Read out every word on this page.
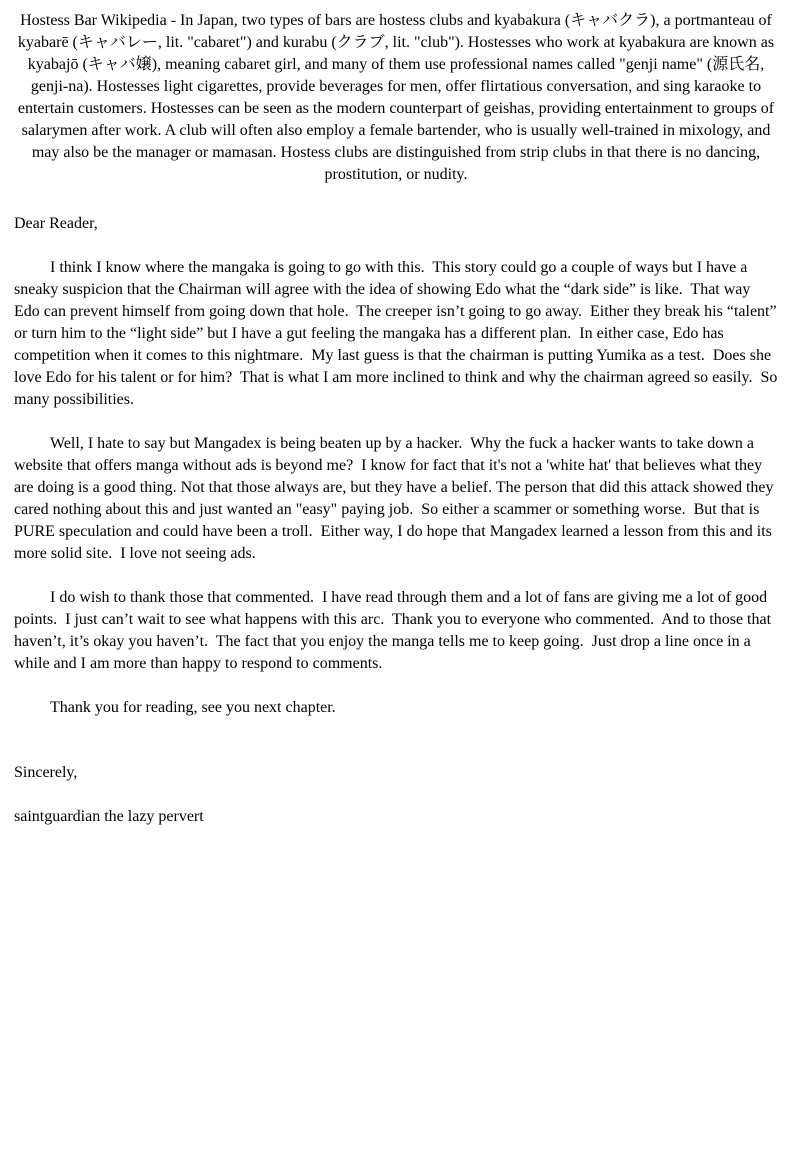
Hostess Bar Wikipedia - In Japan, two types of bars are hostess clubs and kyabakura (キャバクラ), a portmanteau of kyabarē (キャバレー, lit. "cabaret") and kurabu (クラブ, lit. "club"). Hostesses who work at kyabakura are known as kyabajō (キャバ嬢), meaning cabaret girl, and many of them use professional names called "genji name" (源氏名, genji-na). Hostesses light cigarettes, provide beverages for men, offer flirtatious conversation, and sing karaoke to entertain customers. Hostesses can be seen as the modern counterpart of geishas, providing entertainment to groups of salarymen after work. A club will often also employ a female bartender, who is usually well-trained in mixology, and may also be the manager or mamasan. Hostess clubs are distinguished from strip clubs in that there is no dancing, prostitution, or nudity.

Dear Reader,

I think I know where the mangaka is going to go with this.  This story could go a couple of ways but I have a sneaky suspicion that the Chairman will agree with the idea of showing Edo what the “dark side” is like.  That way Edo can prevent himself from going down that hole.  The creeper isn’t going to go away.  Either they break his “talent” or turn him to the “light side” but I have a gut feeling the mangaka has a different plan.  In either case, Edo has competition when it comes to this nightmare.  My last guess is that the chairman is putting Yumika as a test.  Does she love Edo for his talent or for him?  That is what I am more inclined to think and why the chairman agreed so easily.  So many possibilities.

Well, I hate to say but Mangadex is being beaten up by a hacker.  Why the fuck a hacker wants to take down a website that offers manga without ads is beyond me?  I know for fact that it's not a 'white hat' that believes what they are doing is a good thing. Not that those always are, but they have a belief. The person that did this attack showed they cared nothing about this and just wanted an "easy" paying job.  So either a scammer or something worse.  But that is PURE speculation and could have been a troll.  Either way, I do hope that Mangadex learned a lesson from this and its more solid site.  I love not seeing ads.

I do wish to thank those that commented.  I have read through them and a lot of fans are giving me a lot of good points.  I just can’t wait to see what happens with this arc.  Thank you to everyone who commented.  And to those that haven’t, it’s okay you haven’t.  The fact that you enjoy the manga tells me to keep going.  Just drop a line once in a while and I am more than happy to respond to comments.

Thank you for reading, see you next chapter.

Sincerely,

saintguardian the lazy pervert
